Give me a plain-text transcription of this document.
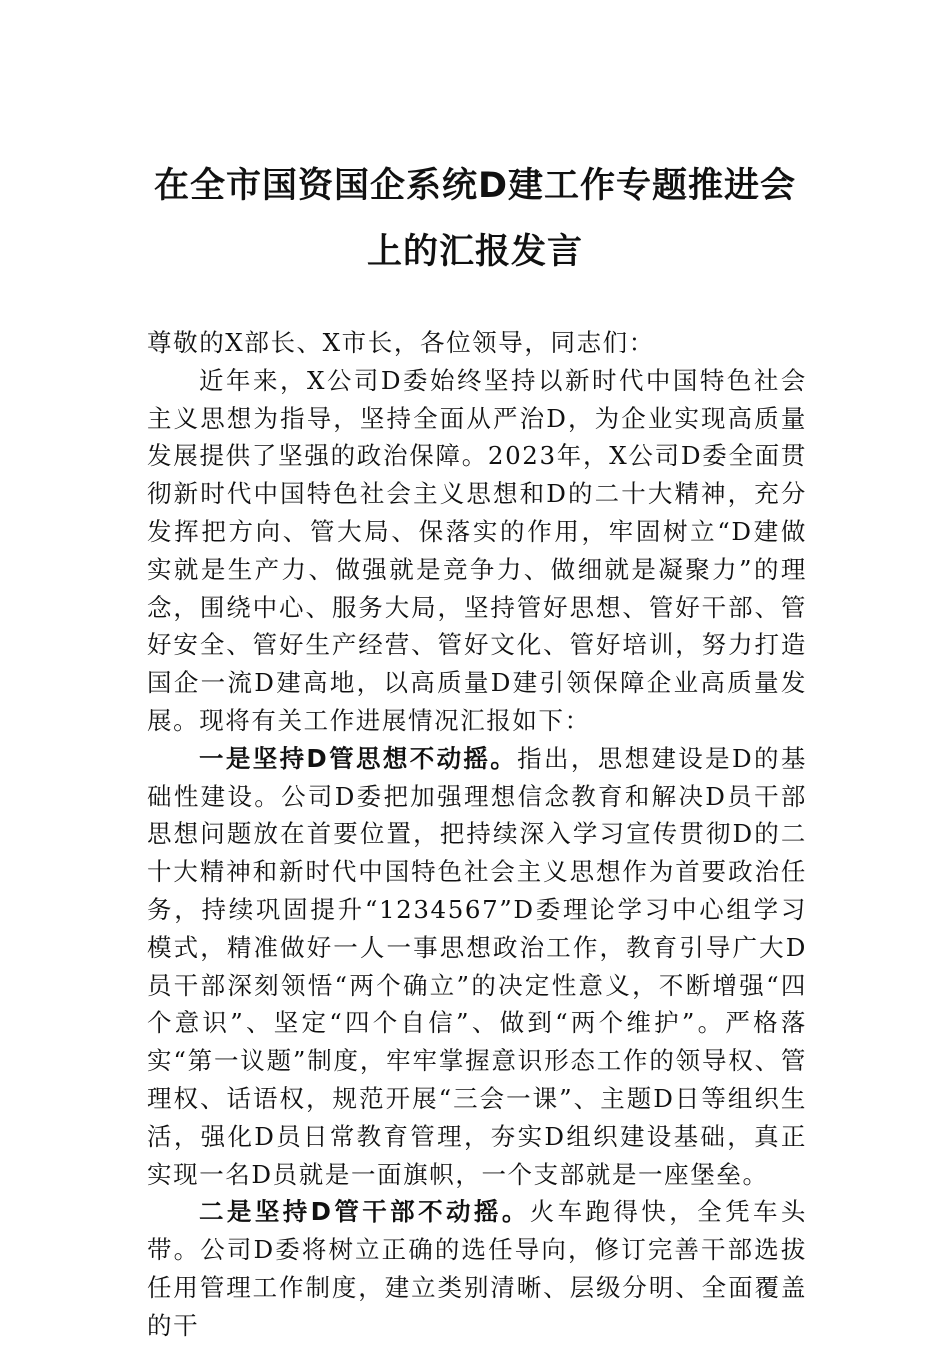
在全市国资国企系统D建工作专题推进会
上的汇报发言

尊敬的X部长、X市长，各位领导，同志们：

近年来，X公司D委始终坚持以新时代中国特色社会主义思想为指导，坚持全面从严治D，为企业实现高质量发展提供了坚强的政治保障。2023年，X公司D委全面贯彻新时代中国特色社会主义思想和D的二十大精神，充分发挥把方向、管大局、保落实的作用，牢固树立“D建做实就是生产力、做强就是竞争力、做细就是凝聚力”的理念，围绕中心、服务大局，坚持管好思想、管好干部、管好安全、管好生产经营、管好文化、管好培训，努力打造国企一流D建高地，以高质量D建引领保障企业高质量发展。现将有关工作进展情况汇报如下：

一是坚持D管思想不动摇。指出，思想建设是D的基础性建设。公司D委把加强理想信念教育和解决D员干部思想问题放在首要位置，把持续深入学习宣传贯彻D的二十大精神和新时代中国特色社会主义思想作为首要政治任务，持续巩固提升“1234567”D委理论学习中心组学习模式，精准做好一人一事思想政治工作，教育引导广大D员干部深刻领悟“两个确立”的决定性意义，不断增强“四个意识”、坚定“四个自信”、做到“两个维护”。严格落实“第一议题”制度，牢牢掌握意识形态工作的领导权、管理权、话语权，规范开展“三会一课”、主题D日等组织生活，强化D员日常教育管理，夯实D组织建设基础，真正实现一名D员就是一面旗帜，一个支部就是一座堡垒。

二是坚持D管干部不动摇。火车跑得快，全凭车头带。公司D委将树立正确的选任导向，修订完善干部选拔任用管理工作制度，建立类别清晰、层级分明、全面覆盖的干
